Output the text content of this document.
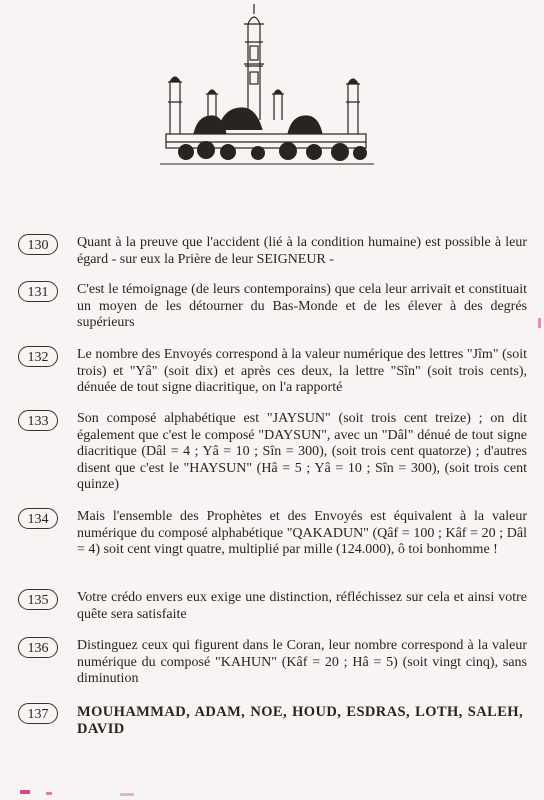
130	Quant à la preuve que l'accident (lié à la condition humaine) est possible à leur égard - sur eux la Prière de leur SEIGNEUR -
131	C'est le témoignage (de leurs contemporains) que cela leur arrivait et constituait un moyen de les détourner du Bas-Monde et de les élever à des degrés supérieurs
132	Le nombre des Envoyés correspond à la valeur numérique des lettres "Jîm" (soit trois) et "Yâ" (soit dix) et après ces deux, la lettre "Sîn" (soit trois cents), dénuée de tout signe diacritique, on l'a rapporté
133	Son composé alphabétique est "JAYSUN" (soit trois cent treize) ; on dit également que c'est le composé "DAYSUN", avec un "Dâl" dénué de tout signe diacritique (Dâl = 4 ; Yâ = 10 ; Sîn = 300), (soit trois cent quatorze) ; d'autres disent que c'est le "HAYSUN" (Hâ = 5 ; Yâ = 10 ; Sîn = 300), (soit trois cent quinze)
134	Mais l'ensemble des Prophètes et des Envoyés est équivalent à la valeur numérique du composé alphabétique "QAKADUN" (Qâf = 100 ; Kâf = 20 ; Dâl = 4) soit cent vingt quatre, multiplié par mille (124.000), ô toi bonhomme !
135	Votre crédo envers eux exige une distinction, réfléchissez sur cela et ainsi votre quête sera satisfaite
136	Distinguez ceux qui figurent dans le Coran, leur nombre correspond à la valeur numérique du composé "KAHUN" (Kâf = 20 ; Hâ = 5) (soit vingt cinq), sans diminution
137	MOUHAMMAD, ADAM, NOE, HOUD, ESDRAS, LOTH, SALEH, DAVID
